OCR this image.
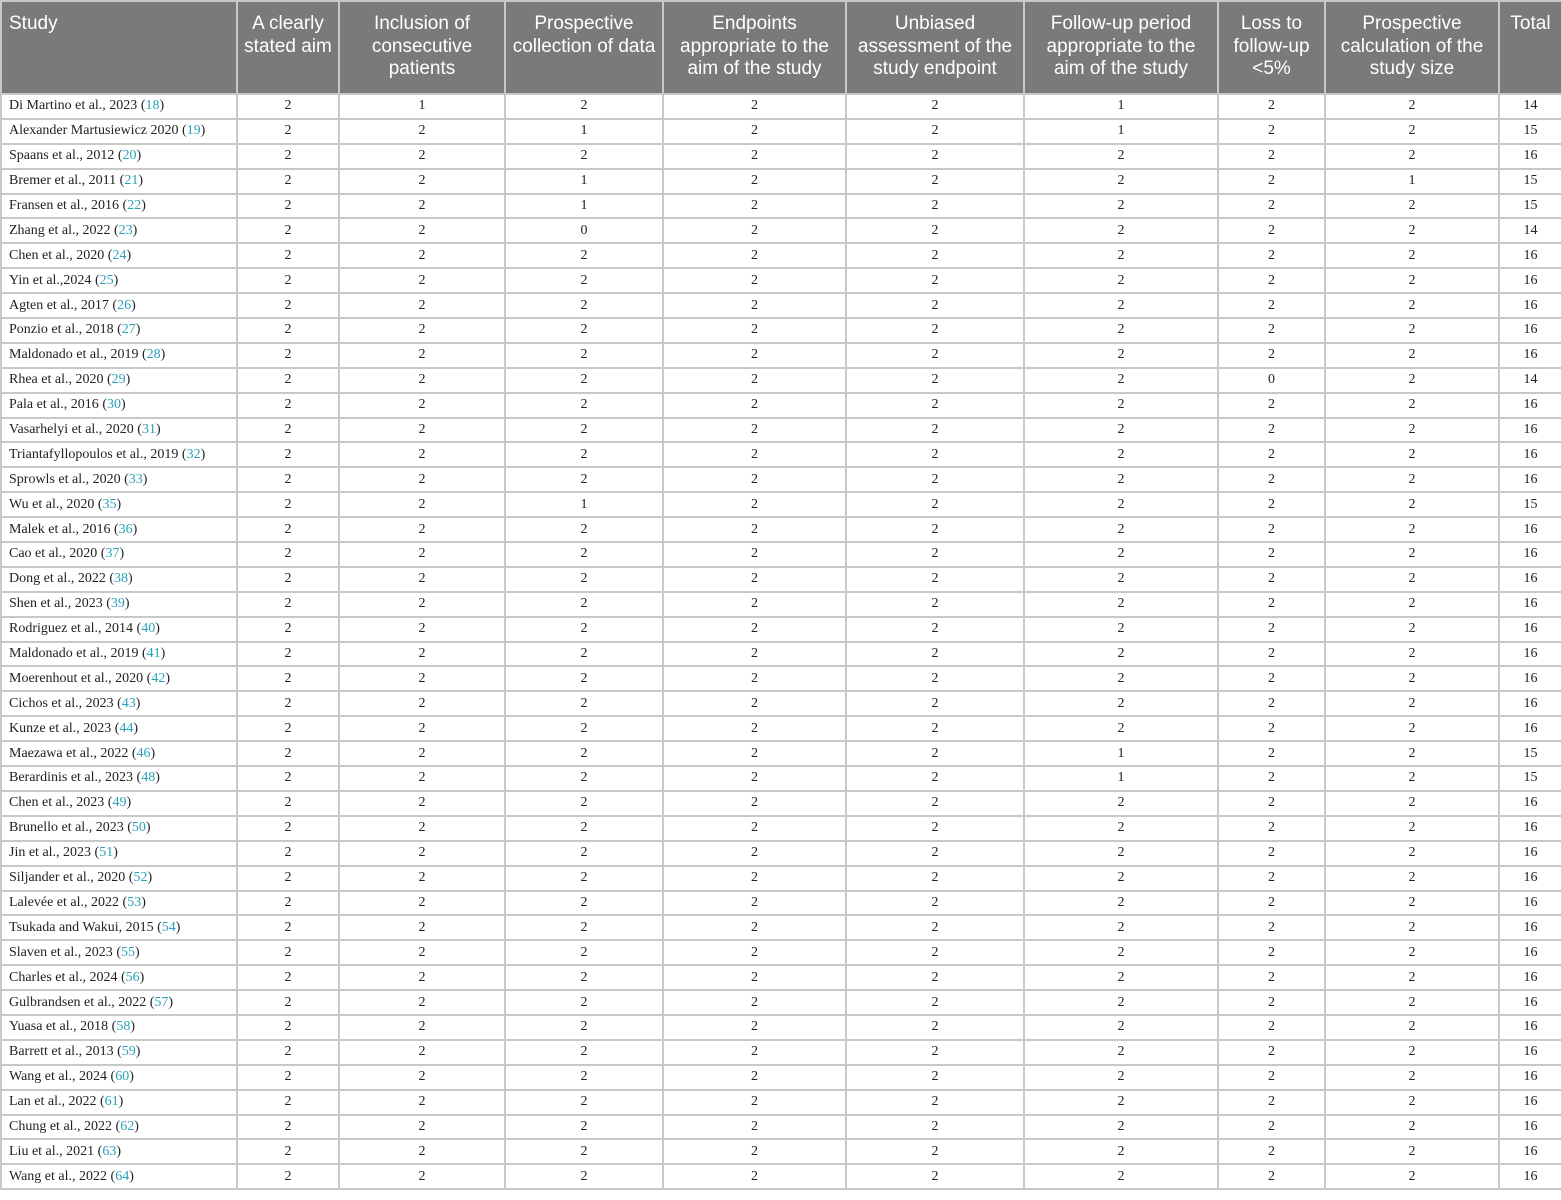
Study	A clearly stated aim	Inclusion of consecutive patients	Prospective collection of data	Endpoints appropriate to the aim of the study	Unbiased assessment of the study endpoint	Follow-up period appropriate to the aim of the study	Loss to follow-up <5%	Prospective calculation of the study size	Total
Di Martino et al., 2023 (18)	2	1	2	2	2	1	2	2	14
Alexander Martusiewicz 2020 (19)	2	2	1	2	2	1	2	2	15
Spaans et al., 2012 (20)	2	2	2	2	2	2	2	2	16
Bremer et al., 2011 (21)	2	2	1	2	2	2	2	1	15
Fransen et al., 2016 (22)	2	2	1	2	2	2	2	2	15
Zhang et al., 2022 (23)	2	2	0	2	2	2	2	2	14
Chen et al., 2020 (24)	2	2	2	2	2	2	2	2	16
Yin et al.,2024 (25)	2	2	2	2	2	2	2	2	16
Agten et al., 2017 (26)	2	2	2	2	2	2	2	2	16
Ponzio et al., 2018 (27)	2	2	2	2	2	2	2	2	16
Maldonado et al., 2019 (28)	2	2	2	2	2	2	2	2	16
Rhea et al., 2020 (29)	2	2	2	2	2	2	0	2	14
Pala et al., 2016 (30)	2	2	2	2	2	2	2	2	16
Vasarhelyi et al., 2020 (31)	2	2	2	2	2	2	2	2	16
Triantafyllopoulos et al., 2019 (32)	2	2	2	2	2	2	2	2	16
Sprowls et al., 2020 (33)	2	2	2	2	2	2	2	2	16
Wu et al., 2020 (35)	2	2	1	2	2	2	2	2	15
Malek et al., 2016 (36)	2	2	2	2	2	2	2	2	16
Cao et al., 2020 (37)	2	2	2	2	2	2	2	2	16
Dong et al., 2022 (38)	2	2	2	2	2	2	2	2	16
Shen et al., 2023 (39)	2	2	2	2	2	2	2	2	16
Rodriguez et al., 2014 (40)	2	2	2	2	2	2	2	2	16
Maldonado et al., 2019 (41)	2	2	2	2	2	2	2	2	16
Moerenhout et al., 2020 (42)	2	2	2	2	2	2	2	2	16
Cichos et al., 2023 (43)	2	2	2	2	2	2	2	2	16
Kunze et al., 2023 (44)	2	2	2	2	2	2	2	2	16
Maezawa et al., 2022 (46)	2	2	2	2	2	1	2	2	15
Berardinis et al., 2023 (48)	2	2	2	2	2	1	2	2	15
Chen et al., 2023 (49)	2	2	2	2	2	2	2	2	16
Brunello et al., 2023 (50)	2	2	2	2	2	2	2	2	16
Jin et al., 2023 (51)	2	2	2	2	2	2	2	2	16
Siljander et al., 2020 (52)	2	2	2	2	2	2	2	2	16
Lalevée et al., 2022 (53)	2	2	2	2	2	2	2	2	16
Tsukada and Wakui, 2015 (54)	2	2	2	2	2	2	2	2	16
Slaven et al., 2023 (55)	2	2	2	2	2	2	2	2	16
Charles et al., 2024 (56)	2	2	2	2	2	2	2	2	16
Gulbrandsen et al., 2022 (57)	2	2	2	2	2	2	2	2	16
Yuasa et al., 2018 (58)	2	2	2	2	2	2	2	2	16
Barrett et al., 2013 (59)	2	2	2	2	2	2	2	2	16
Wang et al., 2024 (60)	2	2	2	2	2	2	2	2	16
Lan et al., 2022 (61)	2	2	2	2	2	2	2	2	16
Chung et al., 2022 (62)	2	2	2	2	2	2	2	2	16
Liu et al., 2021 (63)	2	2	2	2	2	2	2	2	16
Wang et al., 2022 (64)	2	2	2	2	2	2	2	2	16
